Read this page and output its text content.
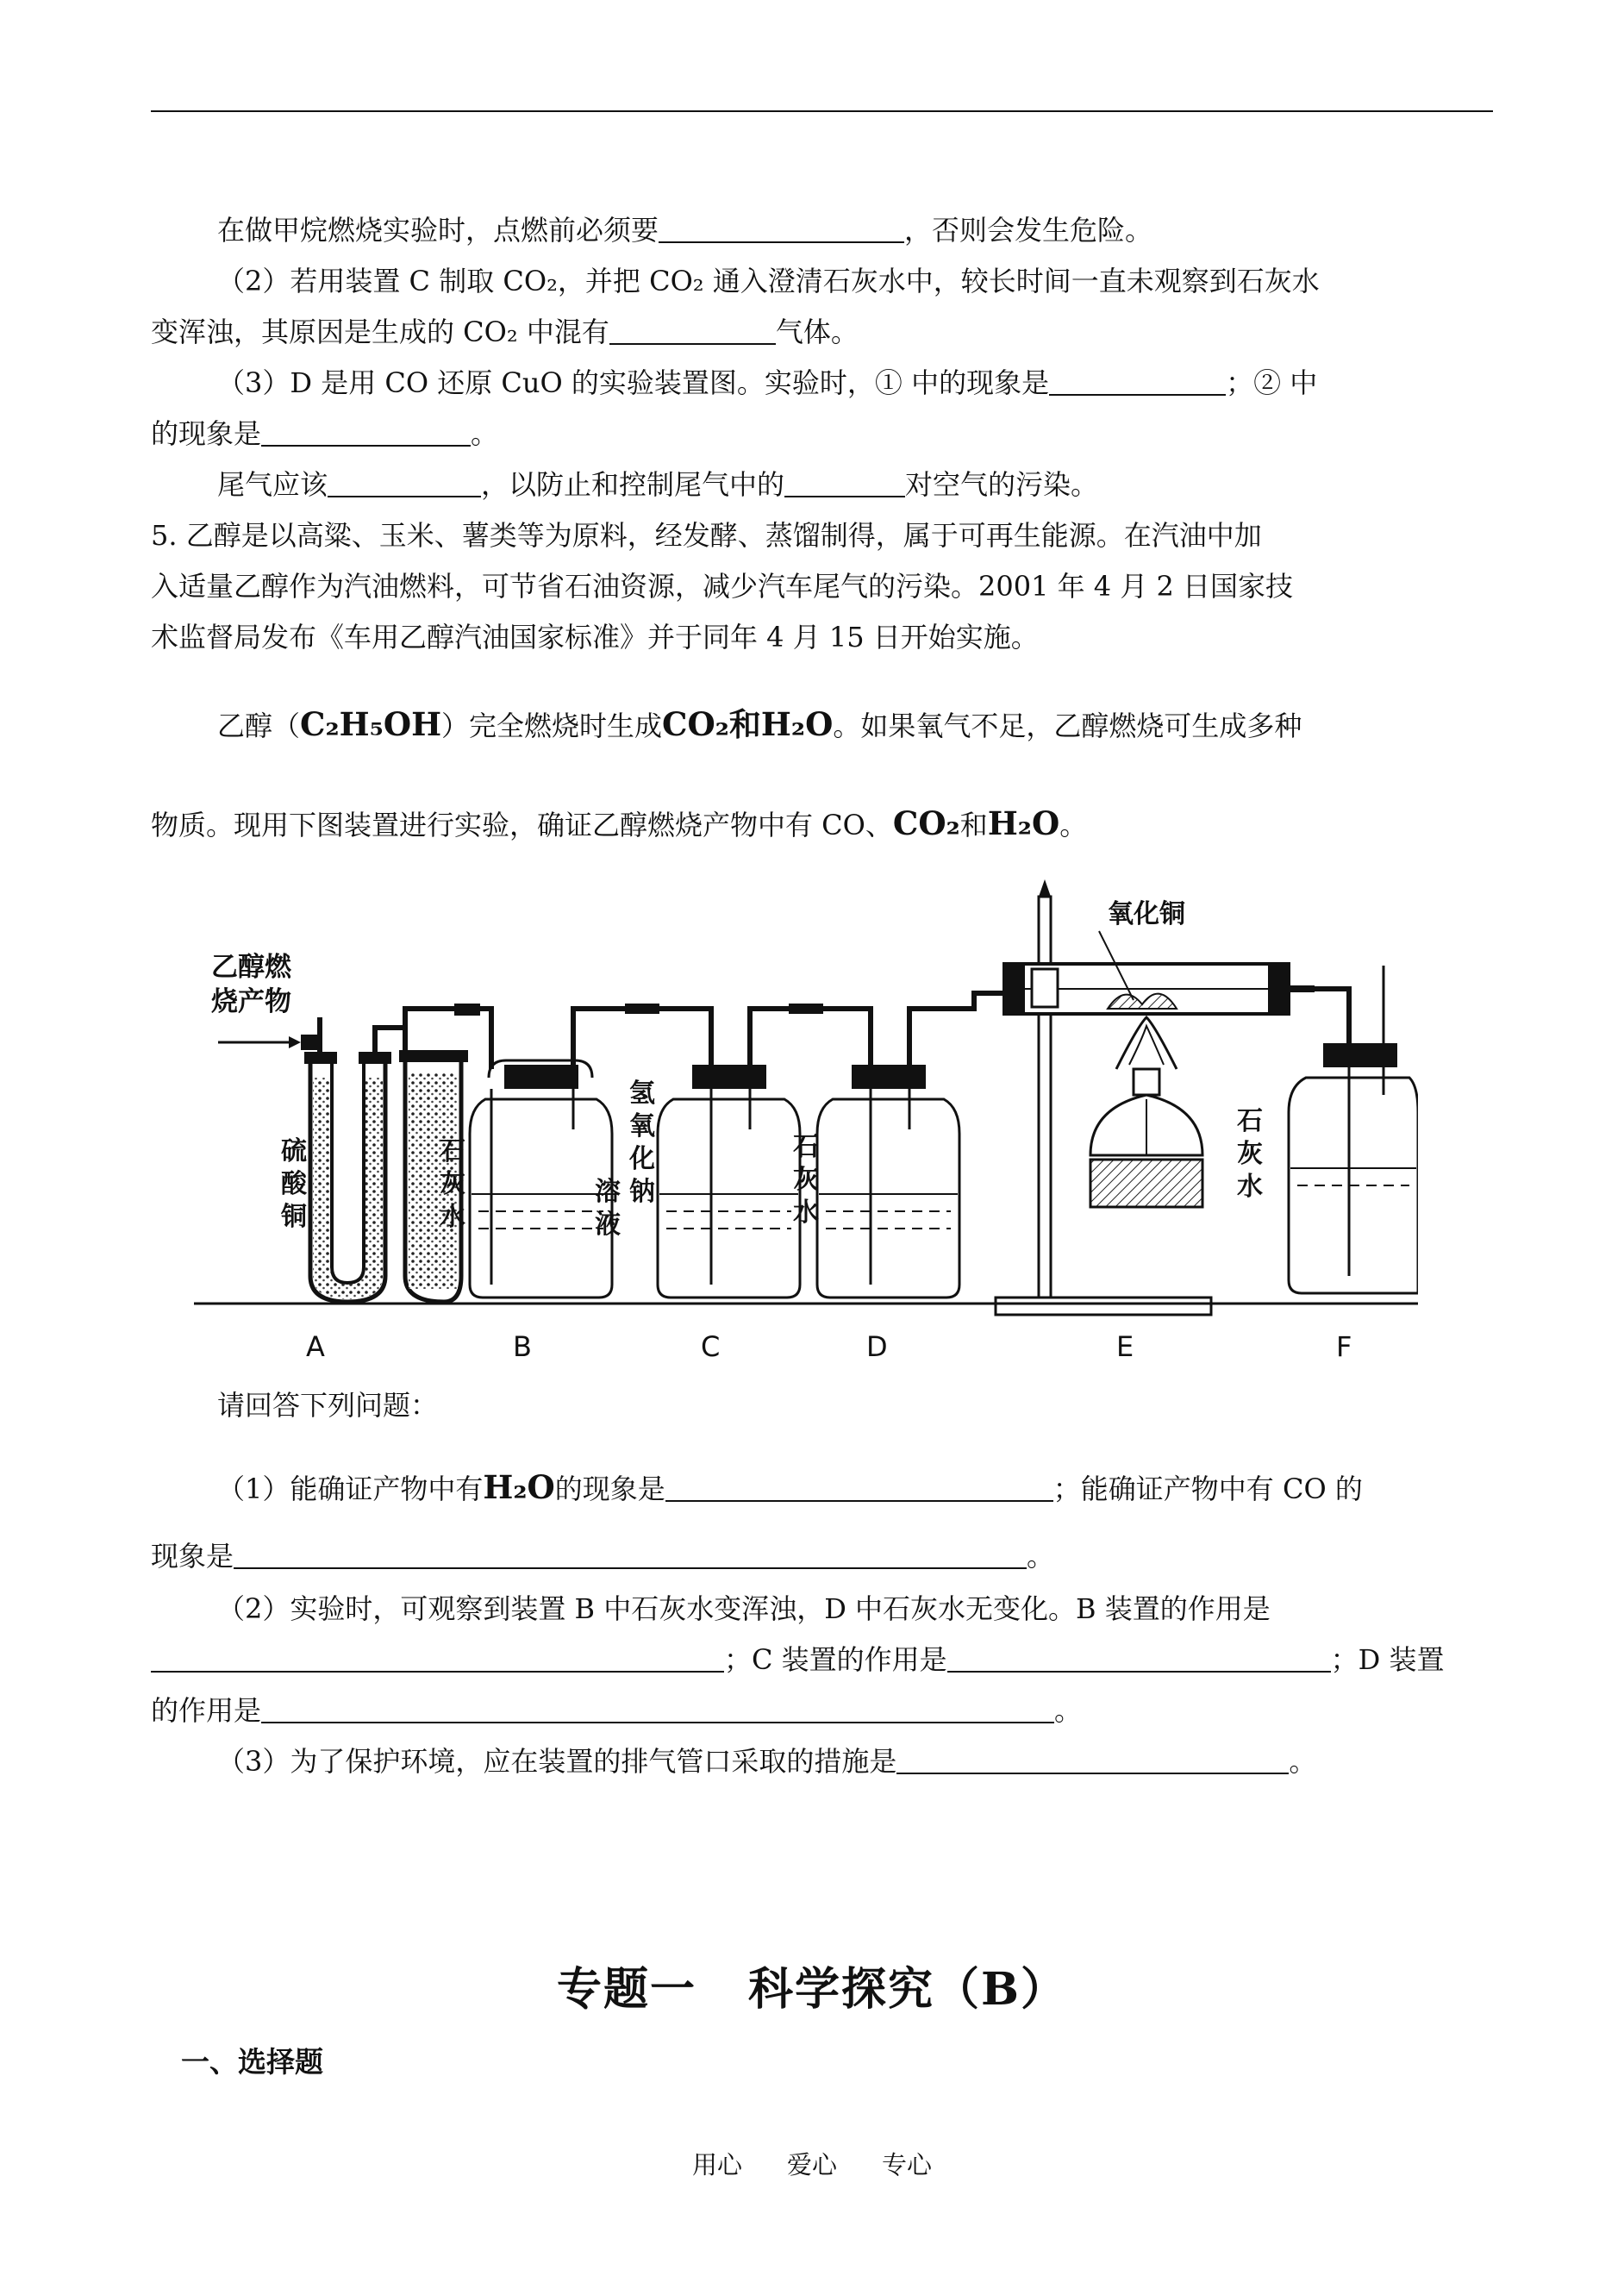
在做甲烷燃烧实验时，点燃前必须要	，否则会发生危险。
（2）若用装置 C 制取 CO₂，并把 CO₂ 通入澄清石灰水中，较长时间一直未观察到石灰水
变浑浊，其原因是生成的 CO₂ 中混有	气体。
（3）D 是用 CO 还原 CuO 的实验装置图。实验时，① 中的现象是	；② 中
的现象是	。
尾气应该	，以防止和控制尾气中的	对空气的污染。
5. 乙醇是以高粱、玉米、薯类等为原料，经发酵、蒸馏制得，属于可再生能源。在汽油中加
入适量乙醇作为汽油燃料，可节省石油资源，减少汽车尾气的污染。2001 年 4 月 2 日国家技
术监督局发布《车用乙醇汽油国家标准》并于同年 4 月 15 日开始实施。
乙醇（C₂H₅OH）完全燃烧时生成CO₂和H₂O。如果氧气不足，乙醇燃烧可生成多种
物质。现用下图装置进行实验，确证乙醇燃烧产物中有 CO、CO₂和H₂O。
乙醇燃
烧产物
硫
酸
铜
石
灰
水
氢
氧
化
钠
溶
液
石
灰
水
氧化铜
石
灰
水
A	B	C	D	E	F
请回答下列问题：
（1）能确证产物中有H₂O的现象是	；能确证产物中有 CO 的
现象是	。
（2）实验时，可观察到装置 B 中石灰水变浑浊，D 中石灰水无变化。B 装置的作用是
；C 装置的作用是	；D 装置
的作用是	。
（3）为了保护环境，应在装置的排气管口采取的措施是	。
专题一 科学探究（B）
一、选择题
用心 爱心 专心
